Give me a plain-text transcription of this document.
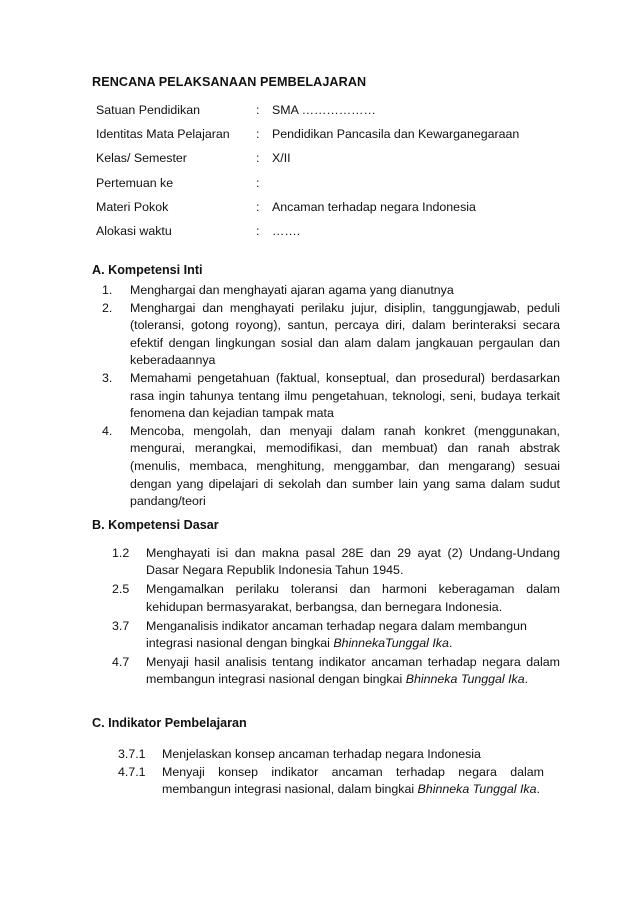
RENCANA PELAKSANAAN PEMBELAJARAN
Satuan Pendidikan	: SMA ………………
Identitas Mata Pelajaran : Pendidikan Pancasila dan Kewarganegaraan
Kelas/ Semester	: X/II
Pertemuan ke	:
Materi Pokok	: Ancaman terhadap negara Indonesia
Alokasi waktu	: …….
A. Kompetensi Inti
1. Menghargai dan menghayati ajaran agama yang dianutnya
2. Menghargai dan menghayati perilaku jujur, disiplin, tanggungjawab, peduli (toleransi, gotong royong), santun, percaya diri, dalam berinteraksi secara efektif dengan lingkungan sosial dan alam dalam jangkauan pergaulan dan keberadaannya
3. Memahami pengetahuan (faktual, konseptual, dan prosedural) berdasarkan rasa ingin tahunya tentang ilmu pengetahuan, teknologi, seni, budaya terkait fenomena dan kejadian tampak mata
4. Mencoba, mengolah, dan menyaji dalam ranah konkret (menggunakan, mengurai, merangkai, memodifikasi, dan membuat) dan ranah abstrak (menulis, membaca, menghitung, menggambar, dan mengarang) sesuai dengan yang dipelajari di sekolah dan sumber lain yang sama dalam sudut pandang/teori
B. Kompetensi Dasar
1.2 Menghayati isi dan makna pasal 28E dan 29 ayat (2) Undang-Undang Dasar Negara Republik Indonesia Tahun 1945.
2.5 Mengamalkan perilaku toleransi dan harmoni keberagaman dalam kehidupan bermasyarakat, berbangsa, dan bernegara Indonesia.
3.7 Menganalisis indikator ancaman terhadap negara dalam membangun integrasi nasional dengan bingkai BhinnekaTunggal Ika.
4.7 Menyaji hasil analisis tentang indikator ancaman terhadap negara dalam membangun integrasi nasional dengan bingkai Bhinneka Tunggal Ika.
C. Indikator Pembelajaran
3.7.1 Menjelaskan konsep ancaman terhadap negara Indonesia
4.7.1 Menyaji konsep indikator ancaman terhadap negara dalam membangun integrasi nasional, dalam bingkai Bhinneka Tunggal Ika.
